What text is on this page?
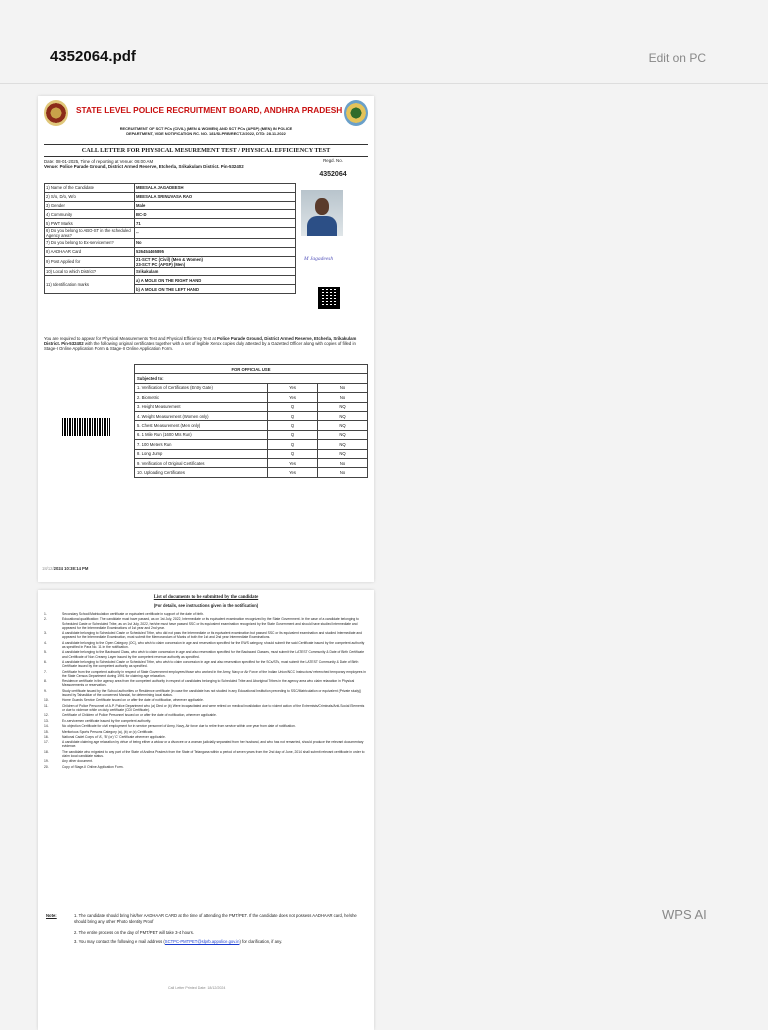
4352064.pdf	Edit on PC
STATE LEVEL POLICE RECRUITMENT BOARD, ANDHRA PRADESH
RECRUITMENT OF SCT PCs (CIVIL) (MEN & WOMEN) AND SCT PCs (APSP) (MEN) IN POLICE
DEPARTMENT, VIDE NOTIFICATION RC. NO. 181/SLPRB/RECT.2/2022, DTD: 28.11.2022
CALL LETTER FOR PHYSICAL MESUREMENT TEST / PHYSICAL EFFICIENCY TEST
Date: 08-01-2025, Time of reporting at Venue: 06:00 AM
Venue: Police Parade Ground, District Armed Reserve, Etcherla, Srikakulam District. Pin-532402
Regd. No.
4352064
1) Name of the Candidate	MEESALA JAGADEESH
2) S/o, D/o, W/o	MEESALA SRINUVASA RAO
3) Gender	Male
4) Community	BC-D
5) PWT Marks	71
6) Do you belong to ABO-ST in the scheduled Agency area?	--
7) Do you belong to Ex-servicemen?	No
8) AADHAAR Card	526454465895
9) Post Applied for	21-SCT PC (Civil) (Men & Women)
23-SCT PC (APSP) (Men)
10) Local to which District?	Srikakulam
11) Identification marks	a) A MOLE ON THE RIGHT HAND
	b) A MOLE ON THE LEFT HAND
M Jagadeesh
You are required to appear for Physical Measurements Test and Physical Efficiency Test at Police Parade Ground, District Armed Reserve, Etcherla, Srikakulam District. Pin-532402 with the following original certificates together with a set of legible Xerox copies duly attested by a Gazetted Officer along with copies of filled in Stage-I Online Application Form & Stage-II Online Application Form.
FOR OFFICIAL USE		
Subjected to:		
1. Verification of Certificates (Entry Gate)	Yes	No
2. Biometric	Yes	No
3. Height Measurement	Q	NQ
4. Weight Measurement (Women only)	Q	NQ
5. Chest Measurement (Men only)	Q	NQ
6. 1 Mile Run (1600 Mts Run)	Q	NQ
7. 100 Meters Run	Q	NQ
8. Long Jump	Q	NQ
9. Verification of Original Certificates	Yes	No
10. Uploading Certificates	Yes	No
18/12/2024 10:38:14 PM
List of documents to be submitted by the candidate
(For details, see instructions given in the notification)
1.	Secondary School/Matriculation certificate or equivalent certificate in support of the date of birth.
2.	Educational qualification: The candidate must have passed, as on 1st July, 2022, Intermediate or its equivalent examination recognized by the State Government. In the case of a candidate belonging to Scheduled Caste or Scheduled Tribe, as on 1st July, 2022, he/she must have passed SSC or its equivalent examination recognized by the State Government and should have studied Intermediate and appeared for the Intermediate Examinations of 1st year and 2nd year.
3.	A candidate belonging to Scheduled Caste or Scheduled Tribe, who did not pass the Intermediate or its equivalent examination but passed SSC or its equivalent examination and studied Intermediate and appeared for the Intermediate Examination, must submit the Memorandum of Marks of both the 1st and 2nd year Intermediate Examinations.
4.	A candidate belonging to the Open Category (OC), who wish to claim concession in age and reservation specified for the EWS category, should submit the said Certificate issued by the competent authority as specified in Para No. 11 in the notification.
5.	A candidate belonging to the Backward Class, who wish to claim concession in age and also reservation specified for the Backward Classes, must submit the LATEST Community & Date of Birth Certificate and Certificate of Non Creamy Layer issued by the competent revenue authority as specified.
6.	A candidate belonging to Scheduled Caste or Scheduled Tribe, who wish to claim concession in age and also reservation specified for the SCs/STs, must submit the LATEST Community & Date of Birth Certificate issued by the competent authority as specified.
7.	Certificate from the competent authority in respect of State Government employees/those who worked in the Army, Navy or Air Force of the Indian Union/NCC Instructors/ retrenched temporary employees in the State Census Department during 1991 for claiming age relaxation.
8.	Residence certificate in the agency area from the competent authority in respect of candidates belonging to Scheduled Tribe and Aboriginal Tribes in the agency area who claim relaxation in Physical Measurements or reservation.
9.	Study certificate issued by the School authorities or Residence certificate (in case the candidate has not studied in any Educational Institution preceding to SSC/Matriculation or equivalent (Private study)) issued by Tahasildar of the concerned Mandal, for determining local status.
10.	Home Guards Service Certificate issued on or after the date of notification, wherever applicable.
11.	Children of Police Personnel of A.P. Police Department who (a) Died or (b) Were incapacitated and were retired on medical invalidation due to violent action of the Extremists/Criminals/Anti-Social Elements or due to violence while on duty certificate (CDI Certificate).
12.	Certificate of Children of Police Personnel issued on or after the date of notification, wherever applicable.
13.	Ex-servicemen certificate issued by the competent authority.
14.	No objection Certificate for civil employment for in service personnel of Army, Navy, Air force due to retire from service within one year from date of notification.
15.	Meritorious Sports Persons Category (a), (b) or (c) Certificate.
16.	National Cadet Corps of 'A', 'B' (or) 'C' Certificate wherever applicable.
17.	A candidate claiming age relaxation by virtue of being either a widow or a divorcee or a woman judicially separated from her husband, and who has not remarried, should produce the relevant documentary evidence.
18.	The candidate who migrated to any part of the State of Andhra Pradesh from the State of Telangana within a period of seven years from the 2nd day of June, 2014 shall submit relevant certificate in order to claim local candidate status.
19.	Any other document.
20.	Copy of Stage-II Online Application Form.
Note:	1. The candidate should bring his/her AADHAAR CARD at the time of attending the PMT/PET. If the candidate does not possess AADHAAR card, he/she should bring any other Photo Identity Proof
2. The entire process on the day of PMT/PET will take 3-4 hours.
3. You may contact the following e mail address (SCTPC-PMTPET@slprb.appolice.gov.in) for clarification, if any.
Call Letter Printed Date: 18/12/2024
WPS AI
